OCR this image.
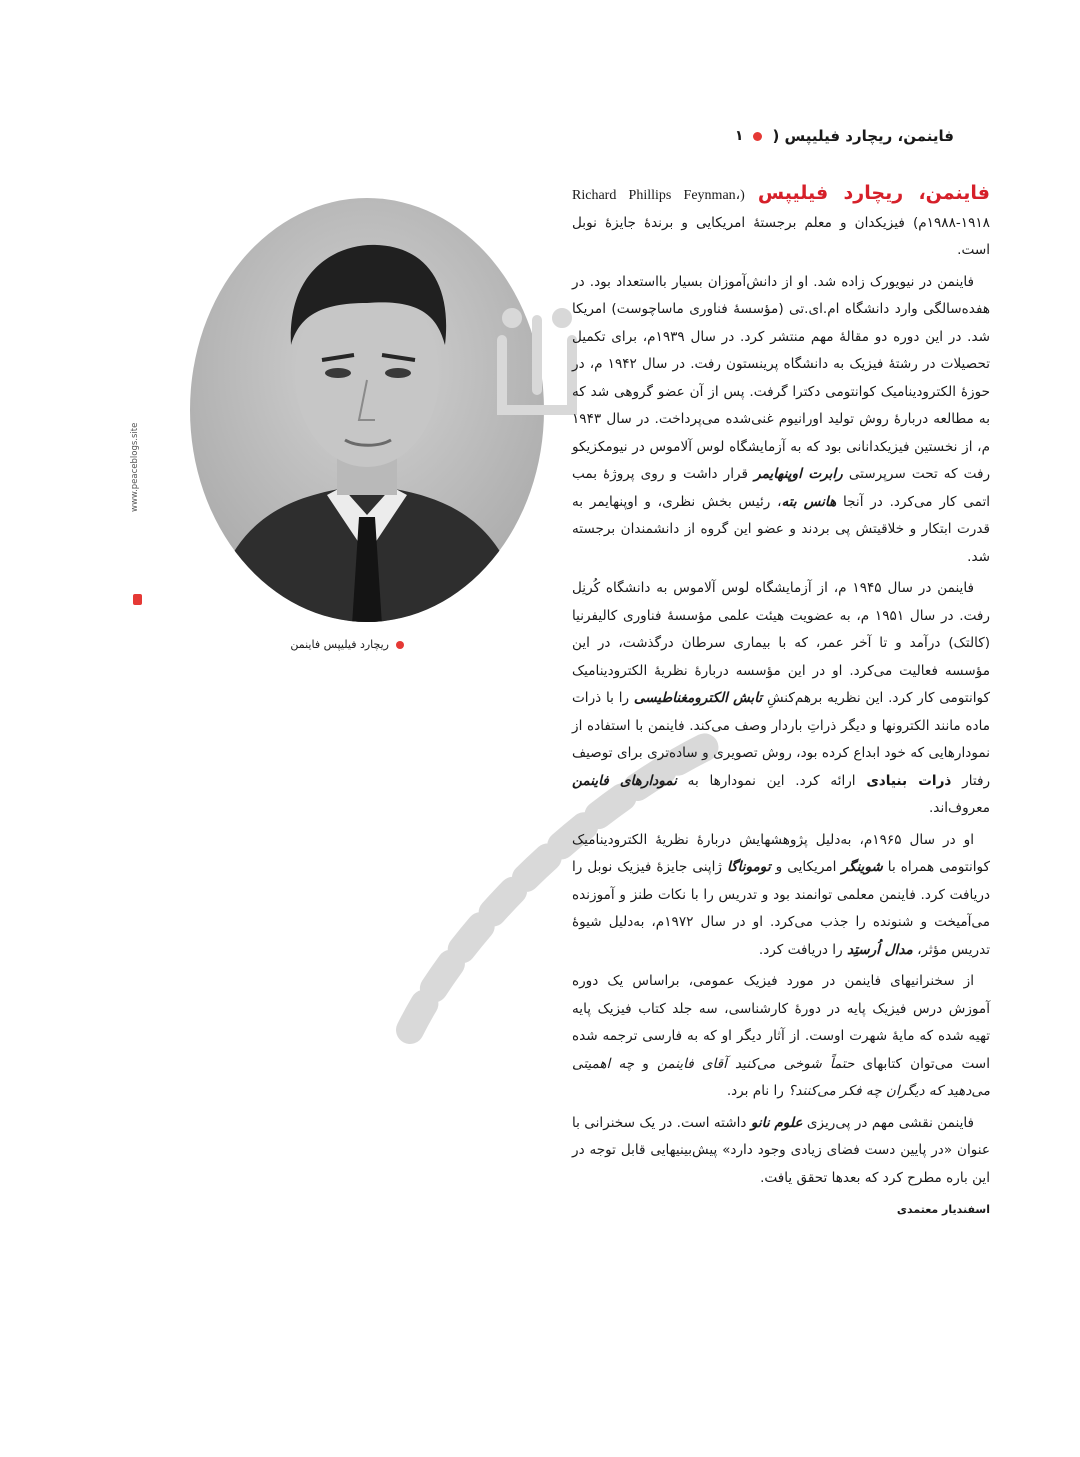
فاینمن، ریچارد فیلیپس (
۱
www.peaceblogs.site
ریچارد فیلیپس فاینمن

فاینمن، ریچارد فیلیپس (Richard Phillips Feynman، ۱۹۸۸-۱۹۱۸م) فیزیکدان و معلم برجستهٔ امریکایی و برندهٔ جایزهٔ نوبل است.

فاینمن در نیویورک زاده شد. او از دانش‌آموزان بسیار بااستعداد بود. در هفده‌سالگی وارد دانشگاه ام.ای.تی (مؤسسهٔ فناوری ماساچوست) امریکا شد. در این دوره دو مقالهٔ مهم منتشر کرد. در سال ۱۹۳۹م، برای تکمیل تحصیلات در رشتهٔ فیزیک به دانشگاه پرینستون رفت. در سال ۱۹۴۲ م، در حوزهٔ الکترودینامیک کوانتومی دکترا گرفت. پس از آن عضو گروهی شد که به مطالعه دربارهٔ روش تولید اورانیوم غنی‌شده می‌پرداخت. در سال ۱۹۴۳ م، از نخستین فیزیکدانانی بود که به آزمایشگاه لوس آلاموس در نیومکزیکو رفت که تحت سرپرستی رابرت اوپنهایمر قرار داشت و روی پروژهٔ بمب اتمی کار می‌کرد. در آنجا هانس بته، رئیس بخش نظری، و اوپنهایمر به قدرت ابتکار و خلاقیتش پی بردند و عضو این گروه از دانشمندان برجسته شد.

فاینمن در سال ۱۹۴۵ م، از آزمایشگاه لوس آلاموس به دانشگاه کُرنِل رفت. در سال ۱۹۵۱ م، به عضویت هیئت علمی مؤسسهٔ فناوری کالیفرنیا (کالتک) درآمد و تا آخر عمر، که با بیماری سرطان درگذشت، در این مؤسسه فعالیت می‌کرد. او در این مؤسسه دربارهٔ نظریهٔ الکترودینامیک کوانتومی کار کرد. این نظریه برهم‌کنشِ تابش الکترومغناطیسی را با ذرات ماده مانند الکترونها و دیگر ذراتِ باردار وصف می‌کند. فاینمن با استفاده از نمودارهایی که خود ابداع کرده بود، روش تصویری و ساده‌تری برای توصیف رفتار ذرات بنیادی ارائه کرد. این نمودارها به نمودارهای فاینمن معروف‌اند.

او در سال ۱۹۶۵م، به‌دلیل پژوهشهایش دربارهٔ نظریهٔ الکترودینامیک کوانتومی همراه با شوینگر امریکایی و تومونا‌گا ژاپنی جایزهٔ فیزیک نوبل را دریافت کرد. فاینمن معلمی توانمند بود و تدریس را با نکات طنز و آموزنده می‌آمیخت و شنونده را جذب می‌کرد. او در سال ۱۹۷۲م، به‌دلیل شیوهٔ تدریس مؤثر، مدال اُرستِد را دریافت کرد.

از سخنرانیهای فاینمن در مورد فیزیک عمومی، براساس یک دوره آموزش درس فیزیک پایه در دورهٔ کارشناسی، سه جلد کتاب فیزیک پایه تهیه شده که مایهٔ شهرت اوست. از آثار دیگر او که به فارسی ترجمه شده است می‌توان کتابهای حتماً شوخی می‌کنید آقای فاینمن و چه اهمیتی می‌دهید که دیگران چه فکر می‌کنند؟ را نام برد.

فاینمن نقشی مهم در پی‌ریزی علوم نانو داشته است. در یک سخنرانی با عنوان «در پایین دست فضای زیادی وجود دارد» پیش‌بینیهایی قابل توجه در این باره مطرح کرد که بعدها تحقق یافت.

اسفندیار معتمدی
